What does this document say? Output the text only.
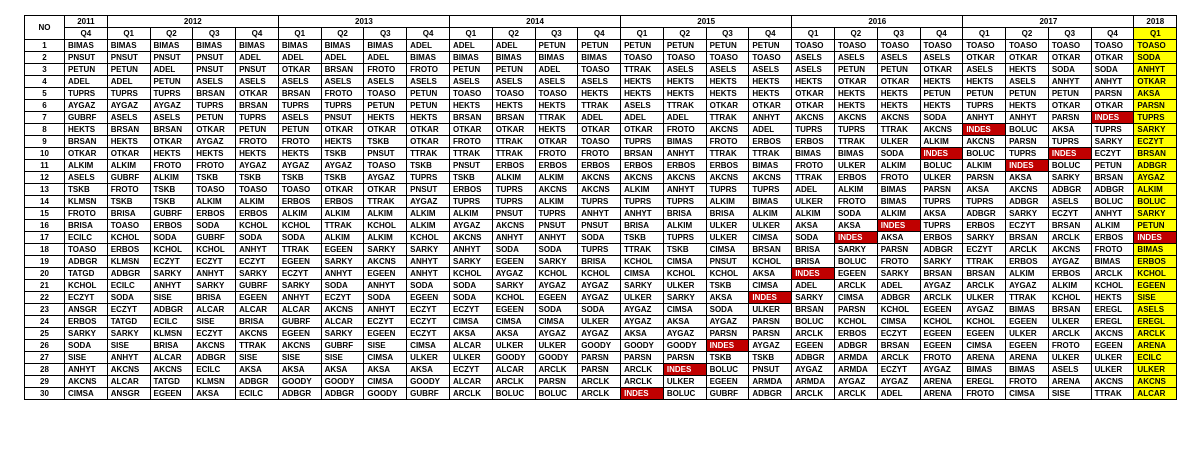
NO	2011	2012				2013				2014				2015				2016				2017				2018
	Q4	Q1	Q2	Q3	Q4	Q1	Q2	Q3	Q4	Q1	Q2	Q3	Q4	Q1	Q2	Q3	Q4	Q1	Q2	Q3	Q4	Q1	Q2	Q3	Q4	Q1
1	BIMAS	BIMAS	BIMAS	BIMAS	BIMAS	BIMAS	BIMAS	BIMAS	ADEL	ADEL	ADEL	PETUN	PETUN	PETUN	PETUN	PETUN	PETUN	TOASO	TOASO	TOASO	TOASO	TOASO	TOASO	TOASO	TOASO	TOASO
2	PNSUT	PNSUT	PNSUT	PNSUT	ADEL	ADEL	ADEL	ADEL	BIMAS	BIMAS	BIMAS	BIMAS	BIMAS	TOASO	TOASO	TOASO	TOASO	ASELS	ASELS	ASELS	ASELS	OTKAR	OTKAR	OTKAR	OTKAR	SODA
3	PETUN	PETUN	ADEL	PNSUT	PNSUT	OTKAR	BRSAN	FROTO	FROTO	PETUN	PETUN	ADEL	TOASO	TTRAK	ASELS	ASELS	ASELS	ASELS	PETUN	PETUN	OTKAR	ASELS	HEKTS	SODA	SODA	ANHYT
4	ADEL	ADEL	PETUN	ASELS	ASELS	ASELS	ASELS	ASELS	ASELS	ASELS	ASELS	ASELS	ASELS	HEKTS	HEKTS	HEKTS	HEKTS	HEKTS	OTKAR	OTKAR	HEKTS	HEKTS	ASELS	ANHYT	ANHYT	OTKAR
5	TUPRS	TUPRS	TUPRS	BRSAN	OTKAR	BRSAN	FROTO	TOASO	PETUN	TOASO	TOASO	TOASO	HEKTS	HEKTS	HEKTS	HEKTS	HEKTS	OTKAR	HEKTS	HEKTS	PETUN	PETUN	PETUN	PETUN	PARSN	AKSA
6	AYGAZ	AYGAZ	AYGAZ	TUPRS	BRSAN	TUPRS	TUPRS	PETUN	PETUN	HEKTS	HEKTS	HEKTS	TTRAK	ASELS	TTRAK	OTKAR	OTKAR	OTKAR	HEKTS	HEKTS	HEKTS	TUPRS	HEKTS	OTKAR	OTKAR	PARSN
7	GUBRF	ASELS	ASELS	PETUN	TUPRS	ASELS	PNSUT	HEKTS	HEKTS	BRSAN	BRSAN	TTRAK	ADEL	ADEL	ADEL	TTRAK	ANHYT	AKCNS	AKCNS	AKCNS	SODA	ANHYT	ANHYT	PARSN	INDES	TUPRS
8	HEKTS	BRSAN	BRSAN	OTKAR	PETUN	PETUN	OTKAR	OTKAR	OTKAR	OTKAR	OTKAR	HEKTS	OTKAR	OTKAR	FROTO	AKCNS	ADEL	TUPRS	TUPRS	TTRAK	AKCNS	INDES	BOLUC	AKSA	TUPRS	SARKY
9	BRSAN	HEKTS	OTKAR	AYGAZ	FROTO	FROTO	HEKTS	TSKB	OTKAR	FROTO	TTRAK	OTKAR	TOASO	TUPRS	BIMAS	FROTO	ERBOS	ERBOS	TTRAK	ULKER	ALKIM	AKCNS	PARSN	TUPRS	SARKY	ECZYT
10	OTKAR	OTKAR	HEKTS	HEKTS	HEKTS	HEKTS	TSKB	PNSUT	TTRAK	TTRAK	TTRAK	FROTO	FROTO	BRSAN	ANHYT	TTRAK	TTRAK	BIMAS	BIMAS	SODA	INDES	BOLUC	TUPRS	INDES	ECZYT	BRSAN
11	ALKIM	ALKIM	FROTO	FROTO	AYGAZ	AYGAZ	AYGAZ	TOASO	TSKB	PNSUT	ERBOS	ERBOS	ERBOS	ERBOS	ERBOS	ERBOS	BIMAS	FROTO	ULKER	ALKIM	BOLUC	ALKIM	INDES	BOLUC	PETUN	ADBGR
12	ASELS	GUBRF	ALKIM	TSKB	TSKB	TSKB	TSKB	AYGAZ	TUPRS	TSKB	ALKIM	ALKIM	AKCNS	AKCNS	AKCNS	AKCNS	AKCNS	TTRAK	ERBOS	FROTO	ULKER	PARSN	AKSA	SARKY	BRSAN	AYGAZ
13	TSKB	FROTO	TSKB	TOASO	TOASO	TOASO	OTKAR	OTKAR	PNSUT	ERBOS	TUPRS	AKCNS	AKCNS	ALKIM	ANHYT	TUPRS	TUPRS	ADEL	ALKIM	BIMAS	PARSN	AKSA	AKCNS	ADBGR	ADBGR	ALKIM
14	KLMSN	TSKB	TSKB	ALKIM	ALKIM	ERBOS	ERBOS	TTRAK	AYGAZ	TUPRS	TUPRS	ALKIM	TUPRS	TUPRS	TUPRS	ALKIM	BIMAS	ULKER	FROTO	BIMAS	TUPRS	TUPRS	ADBGR	ASELS	BOLUC	BOLUC
15	FROTO	BRISA	GUBRF	ERBOS	ERBOS	ALKIM	ALKIM	ALKIM	ALKIM	ALKIM	PNSUT	TUPRS	ANHYT	ANHYT	BRISA	BRISA	ALKIM	ALKIM	SODA	ALKIM	AKSA	ADBGR	SARKY	ECZYT	ANHYT	SARKY
16	BRISA	TOASO	ERBOS	SODA	KCHOL	KCHOL	TTRAK	KCHOL	ALKIM	AYGAZ	AKCNS	PNSUT	PNSUT	BRISA	ALKIM	ULKER	ULKER	AKSA	AKSA	INDES	TUPRS	ERBOS	ECZYT	BRSAN	ALKIM	PETUN
17	ECILC	KCHOL	SODA	GUBRF	SODA	SODA	ALKIM	ALKIM	KCHOL	AKCNS	ANHYT	ANHYT	SODA	TSKB	TUPRS	ULKER	CIMSA	SODA	INDES	AKSA	ERBOS	SARKY	BRSAN	ARCLK	ERBOS	INDES
18	TOASO	ERBOS	KCHOL	KCHOL	ANHYT	TTRAK	EGEEN	SARKY	SARKY	ANHYT	SODA	SODA	TUPRS	TTRAK	TSKB	CIMSA	BRSAN	BRISA	SARKY	PARSN	ADBGR	ECZYT	ARCLK	AKCNS	FROTO	BIMAS
19	ADBGR	KLMSN	ECZYT	ECZYT	ECZYT	EGEEN	SARKY	AKCNS	ANHYT	SARKY	EGEEN	SARKY	BRISA	KCHOL	CIMSA	PNSUT	KCHOL	BRISA	BOLUC	FROTO	SARKY	TTRAK	ERBOS	AYGAZ	BIMAS	ERBOS
20	TATGD	ADBGR	SARKY	ANHYT	SARKY	ECZYT	ANHYT	EGEEN	ANHYT	KCHOL	AYGAZ	KCHOL	KCHOL	CIMSA	KCHOL	KCHOL	AKSA	INDES	EGEEN	SARKY	BRSAN	BRSAN	ALKIM	ERBOS	ARCLK	KCHOL
21	KCHOL	ECILC	ANHYT	SARKY	GUBRF	SARKY	SODA	ANHYT	SODA	SODA	SARKY	AYGAZ	AYGAZ	SARKY	ULKER	TSKB	CIMSA	ADEL	ARCLK	ADEL	AYGAZ	ARCLK	AYGAZ	ALKIM	KCHOL	EGEEN
22	ECZYT	SODA	SISE	BRISA	EGEEN	ANHYT	ECZYT	SODA	EGEEN	SODA	KCHOL	EGEEN	AYGAZ	ULKER	SARKY	AKSA	INDES	SARKY	CIMSA	ADBGR	ARCLK	ULKER	TTRAK	KCHOL	HEKTS	SISE
23	ANSGR	ECZYT	ADBGR	ALCAR	ALCAR	ALCAR	AKCNS	ANHYT	ECZYT	ECZYT	EGEEN	SODA	SODA	AYGAZ	CIMSA	SODA	ULKER	BRSAN	PARSN	KCHOL	EGEEN	AYGAZ	BIMAS	BRSAN	EREGL	ASELS
24	ERBOS	TATGD	ECILC	SISE	BRISA	GUBRF	ALCAR	ECZYT	ECZYT	CIMSA	CIMSA	CIMSA	ULKER	AYGAZ	AKSA	AYGAZ	PARSN	BOLUC	KCHOL	CIMSA	KCHOL	KCHOL	EGEEN	ULKER	EREGL	EREGL
25	SARKY	SARKY	KLMSN	ECZYT	AKCNS	EGEEN	SARKY	EGEEN	ECZYT	AKSA	AKSA	AYGAZ	AYGAZ	AKSA	AYGAZ	PARSN	PARSN	ARCLK	ERBOS	ECZYT	EGEEN	EGEEN	ULKER	ARCLK	AKCNS	ARCLK
26	SODA	SISE	BRISA	AKCNS	TTRAK	AKCNS	GUBRF	SISE	CIMSA	ALCAR	ULKER	ULKER	GOODY	GOODY	GOODY	INDES	AYGAZ	EGEEN	ADBGR	BRSAN	EGEEN	CIMSA	EGEEN	FROTO	EGEEN	ARENA
27	SISE	ANHYT	ALCAR	ADBGR	SISE	SISE	SISE	CIMSA	ULKER	ULKER	GOODY	GOODY	PARSN	PARSN	PARSN	TSKB	TSKB	ADBGR	ARMDA	ARCLK	FROTO	ARENA	ARENA	ULKER	ULKER	ECILC
28	ANHYT	AKCNS	AKCNS	ECILC	AKSA	AKSA	AKSA	AKSA	AKSA	ECZYT	ALCAR	ARCLK	PARSN	ARCLK	INDES	BOLUC	PNSUT	AYGAZ	ARMDA	ECZYT	AYGAZ	BIMAS	BIMAS	ASELS	ULKER	ULKER
29	AKCNS	ALCAR	TATGD	KLMSN	ADBGR	GOODY	GOODY	CIMSA	GOODY	ALCAR	ARCLK	PARSN	ARCLK	ARCLK	ULKER	EGEEN	ARMDA	ARMDA	AYGAZ	AYGAZ	ARENA	EREGL	FROTO	ARENA	AKCNS	AKCNS
30	CIMSA	ANSGR	EGEEN	AKSA	ECILC	ADBGR	ADBGR	GOODY	GUBRF	ARCLK	BOLUC	BOLUC	ARCLK	INDES	BOLUC	GUBRF	ADBGR	ARCLK	ARCLK	ADEL	ARENA	FROTO	CIMSA	SISE	TTRAK	ALCAR
